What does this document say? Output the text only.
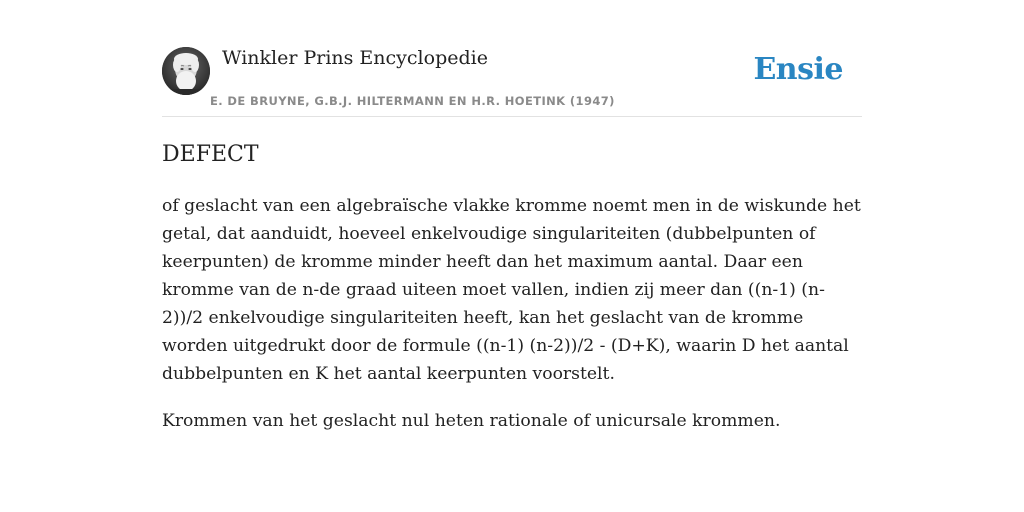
Winkler Prins Encyclopedie
E. DE BRUYNE, G.B.J. HILTERMANN EN H.R. HOETINK (1947)
Ensie
DEFECT

of geslacht van een algebraïsche vlakke kromme noemt men in de wiskunde het getal, dat aanduidt, hoeveel enkelvoudige singulariteiten (dubbelpunten of keerpunten) de kromme minder heeft dan het maximum aantal. Daar een kromme van de n-de graad uiteen moet vallen, indien zij meer dan ((n-1) (n-2))/2 enkelvoudige singulariteiten heeft, kan het geslacht van de kromme worden uitgedrukt door de formule ((n-1) (n-2))/2 - (D+K), waarin D het aantal dubbelpunten en K het aantal keerpunten voorstelt.

Krommen van het geslacht nul heten rationale of unicursale krommen.
